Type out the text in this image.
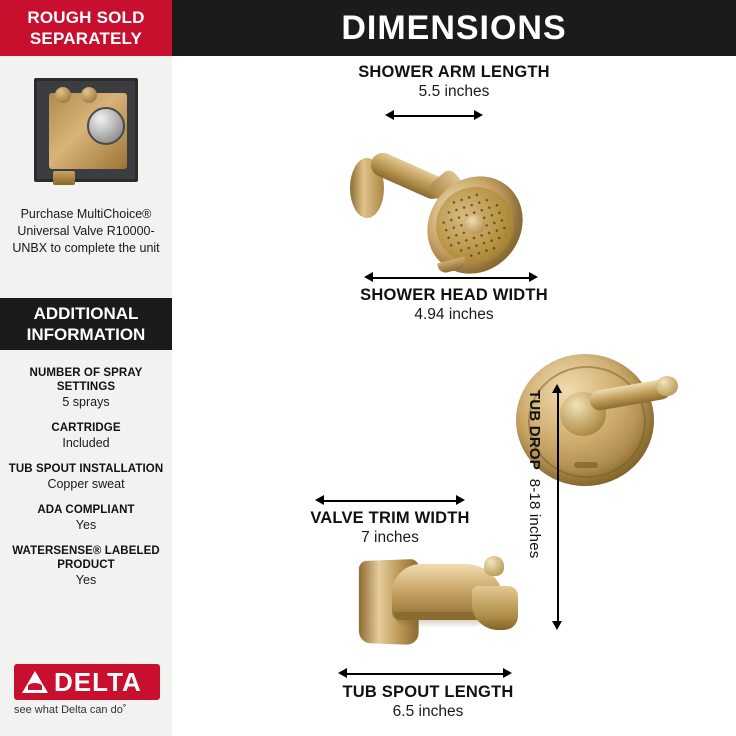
ROUGH SOLD
SEPARATELY
Purchase MultiChoice® Universal Valve R10000-UNBX to complete the unit
ADDITIONAL
INFORMATION
NUMBER OF SPRAY SETTINGS
5 sprays
CARTRIDGE
Included
TUB SPOUT INSTALLATION
Copper sweat
ADA COMPLIANT
Yes
WATERSENSE® LABELED PRODUCT
Yes
DELTA
see what Delta can do˚
DIMENSIONS
SHOWER ARM LENGTH
5.5 inches
SHOWER HEAD WIDTH
4.94 inches
VALVE TRIM WIDTH
7 inches
TUB DROP  8-18 inches
TUB SPOUT LENGTH
6.5 inches
